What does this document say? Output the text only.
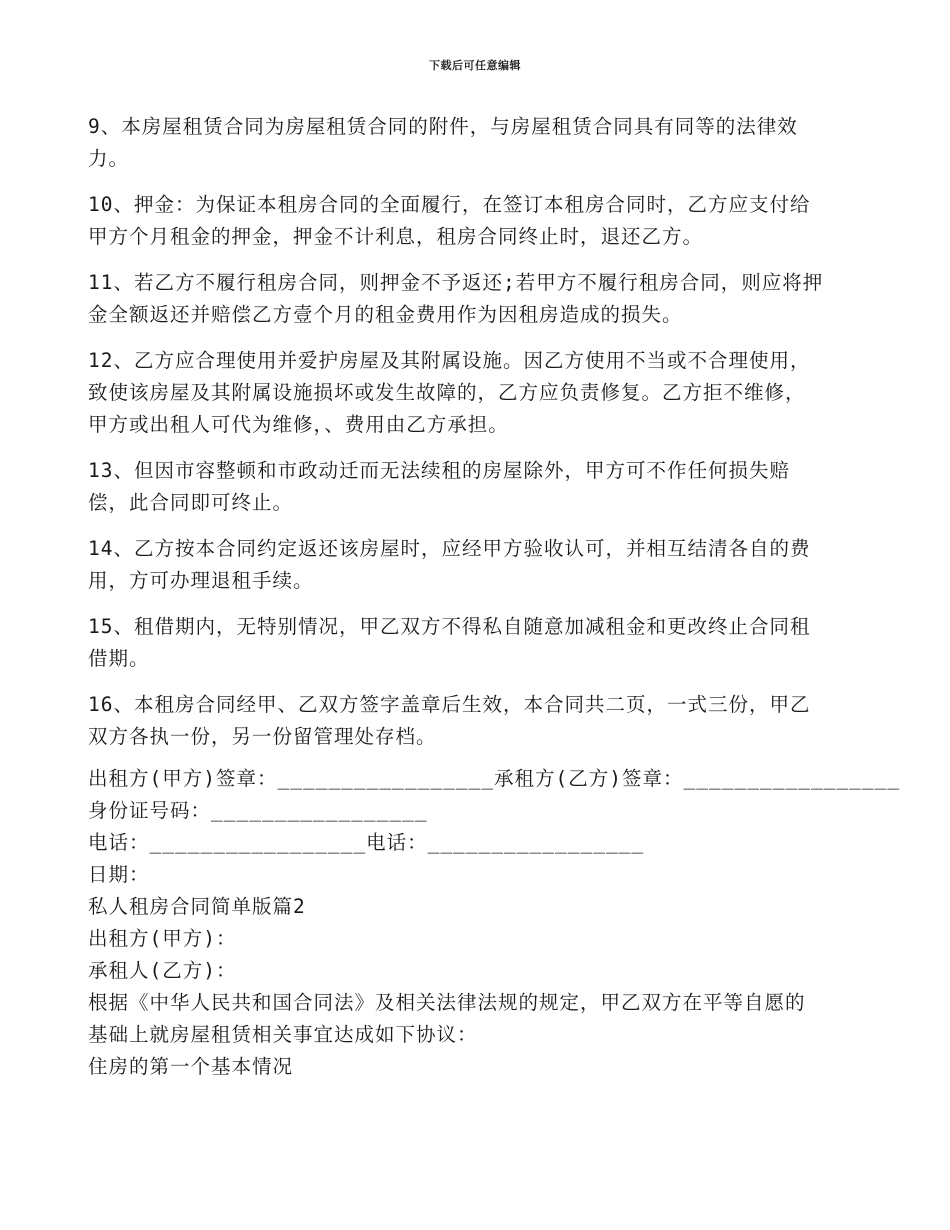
下载后可任意编辑
9、本房屋租赁合同为房屋租赁合同的附件，与房屋租赁合同具有同等的法律效
力。
10、押金：为保证本租房合同的全面履行，在签订本租房合同时，乙方应支付给
甲方个月租金的押金，押金不计利息，租房合同终止时，退还乙方。
11、若乙方不履行租房合同，则押金不予返还;若甲方不履行租房合同，则应将押
金全额返还并赔偿乙方壹个月的租金费用作为因租房造成的损失。
12、乙方应合理使用并爱护房屋及其附属设施。因乙方使用不当或不合理使用，
致使该房屋及其附属设施损坏或发生故障的，乙方应负责修复。乙方拒不维修，
甲方或出租人可代为维修，、费用由乙方承担。
13、但因市容整顿和市政动迁而无法续租的房屋除外，甲方可不作任何损失赔
偿，此合同即可终止。
14、乙方按本合同约定返还该房屋时，应经甲方验收认可，并相互结清各自的费
用，方可办理退租手续。
15、租借期内，无特别情况，甲乙双方不得私自随意加减租金和更改终止合同租
借期。
16、本租房合同经甲、乙双方签字盖章后生效，本合同共二页，一式三份，甲乙
双方各执一份，另一份留管理处存档。
出租方(甲方)签章：_________________承租方(乙方)签章：_________________
身份证号码：_________________
电话：_________________电话：_________________
日期：
私人租房合同简单版篇2
出租方(甲方)：
承租人(乙方)：
根据《中华人民共和国合同法》及相关法律法规的规定，甲乙双方在平等自愿的
基础上就房屋租赁相关事宜达成如下协议：
住房的第一个基本情况
